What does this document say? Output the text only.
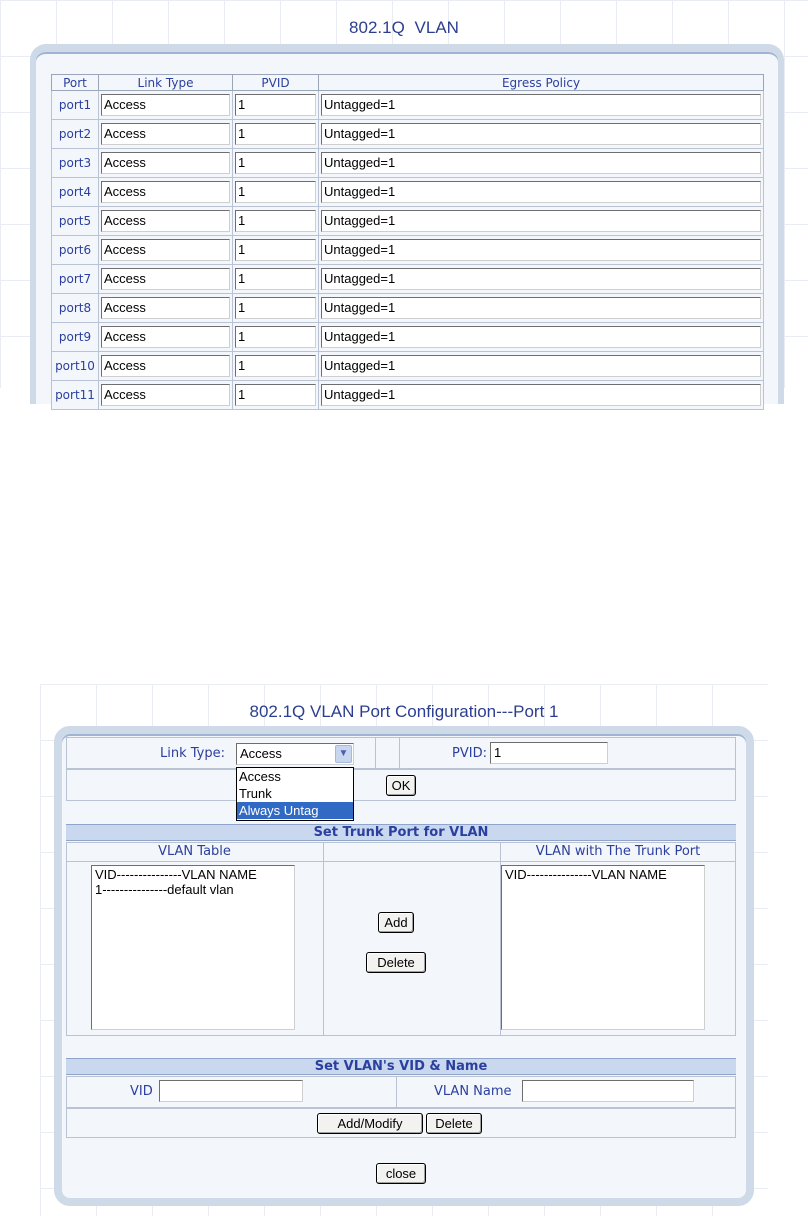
802.1Q VLAN
Port	Link Type	PVID	Egress Policy
port1	Access	1	Untagged=1

port2	Access	1	Untagged=1

port3	Access	1	Untagged=1

port4	Access	1	Untagged=1

port5	Access	1	Untagged=1

port6	Access	1	Untagged=1

port7	Access	1	Untagged=1

port8	Access	1	Untagged=1

port9	Access	1	Untagged=1

port10	Access	1	Untagged=1

port11	Access	1	Untagged=1
802.1Q VLAN Port Configuration---Port 1
Link Type:	Access	▼	PVID: 1
OK
Access
Trunk
Always Untag
Set Trunk Port for VLAN
VLAN Table	VLAN with The Trunk Port
VID---------------VLAN NAME
1---------------default vlan
VID---------------VLAN NAME
Add
Delete
Set VLAN's VID & Name
VID	VLAN Name
Add/Modify	Delete
close
